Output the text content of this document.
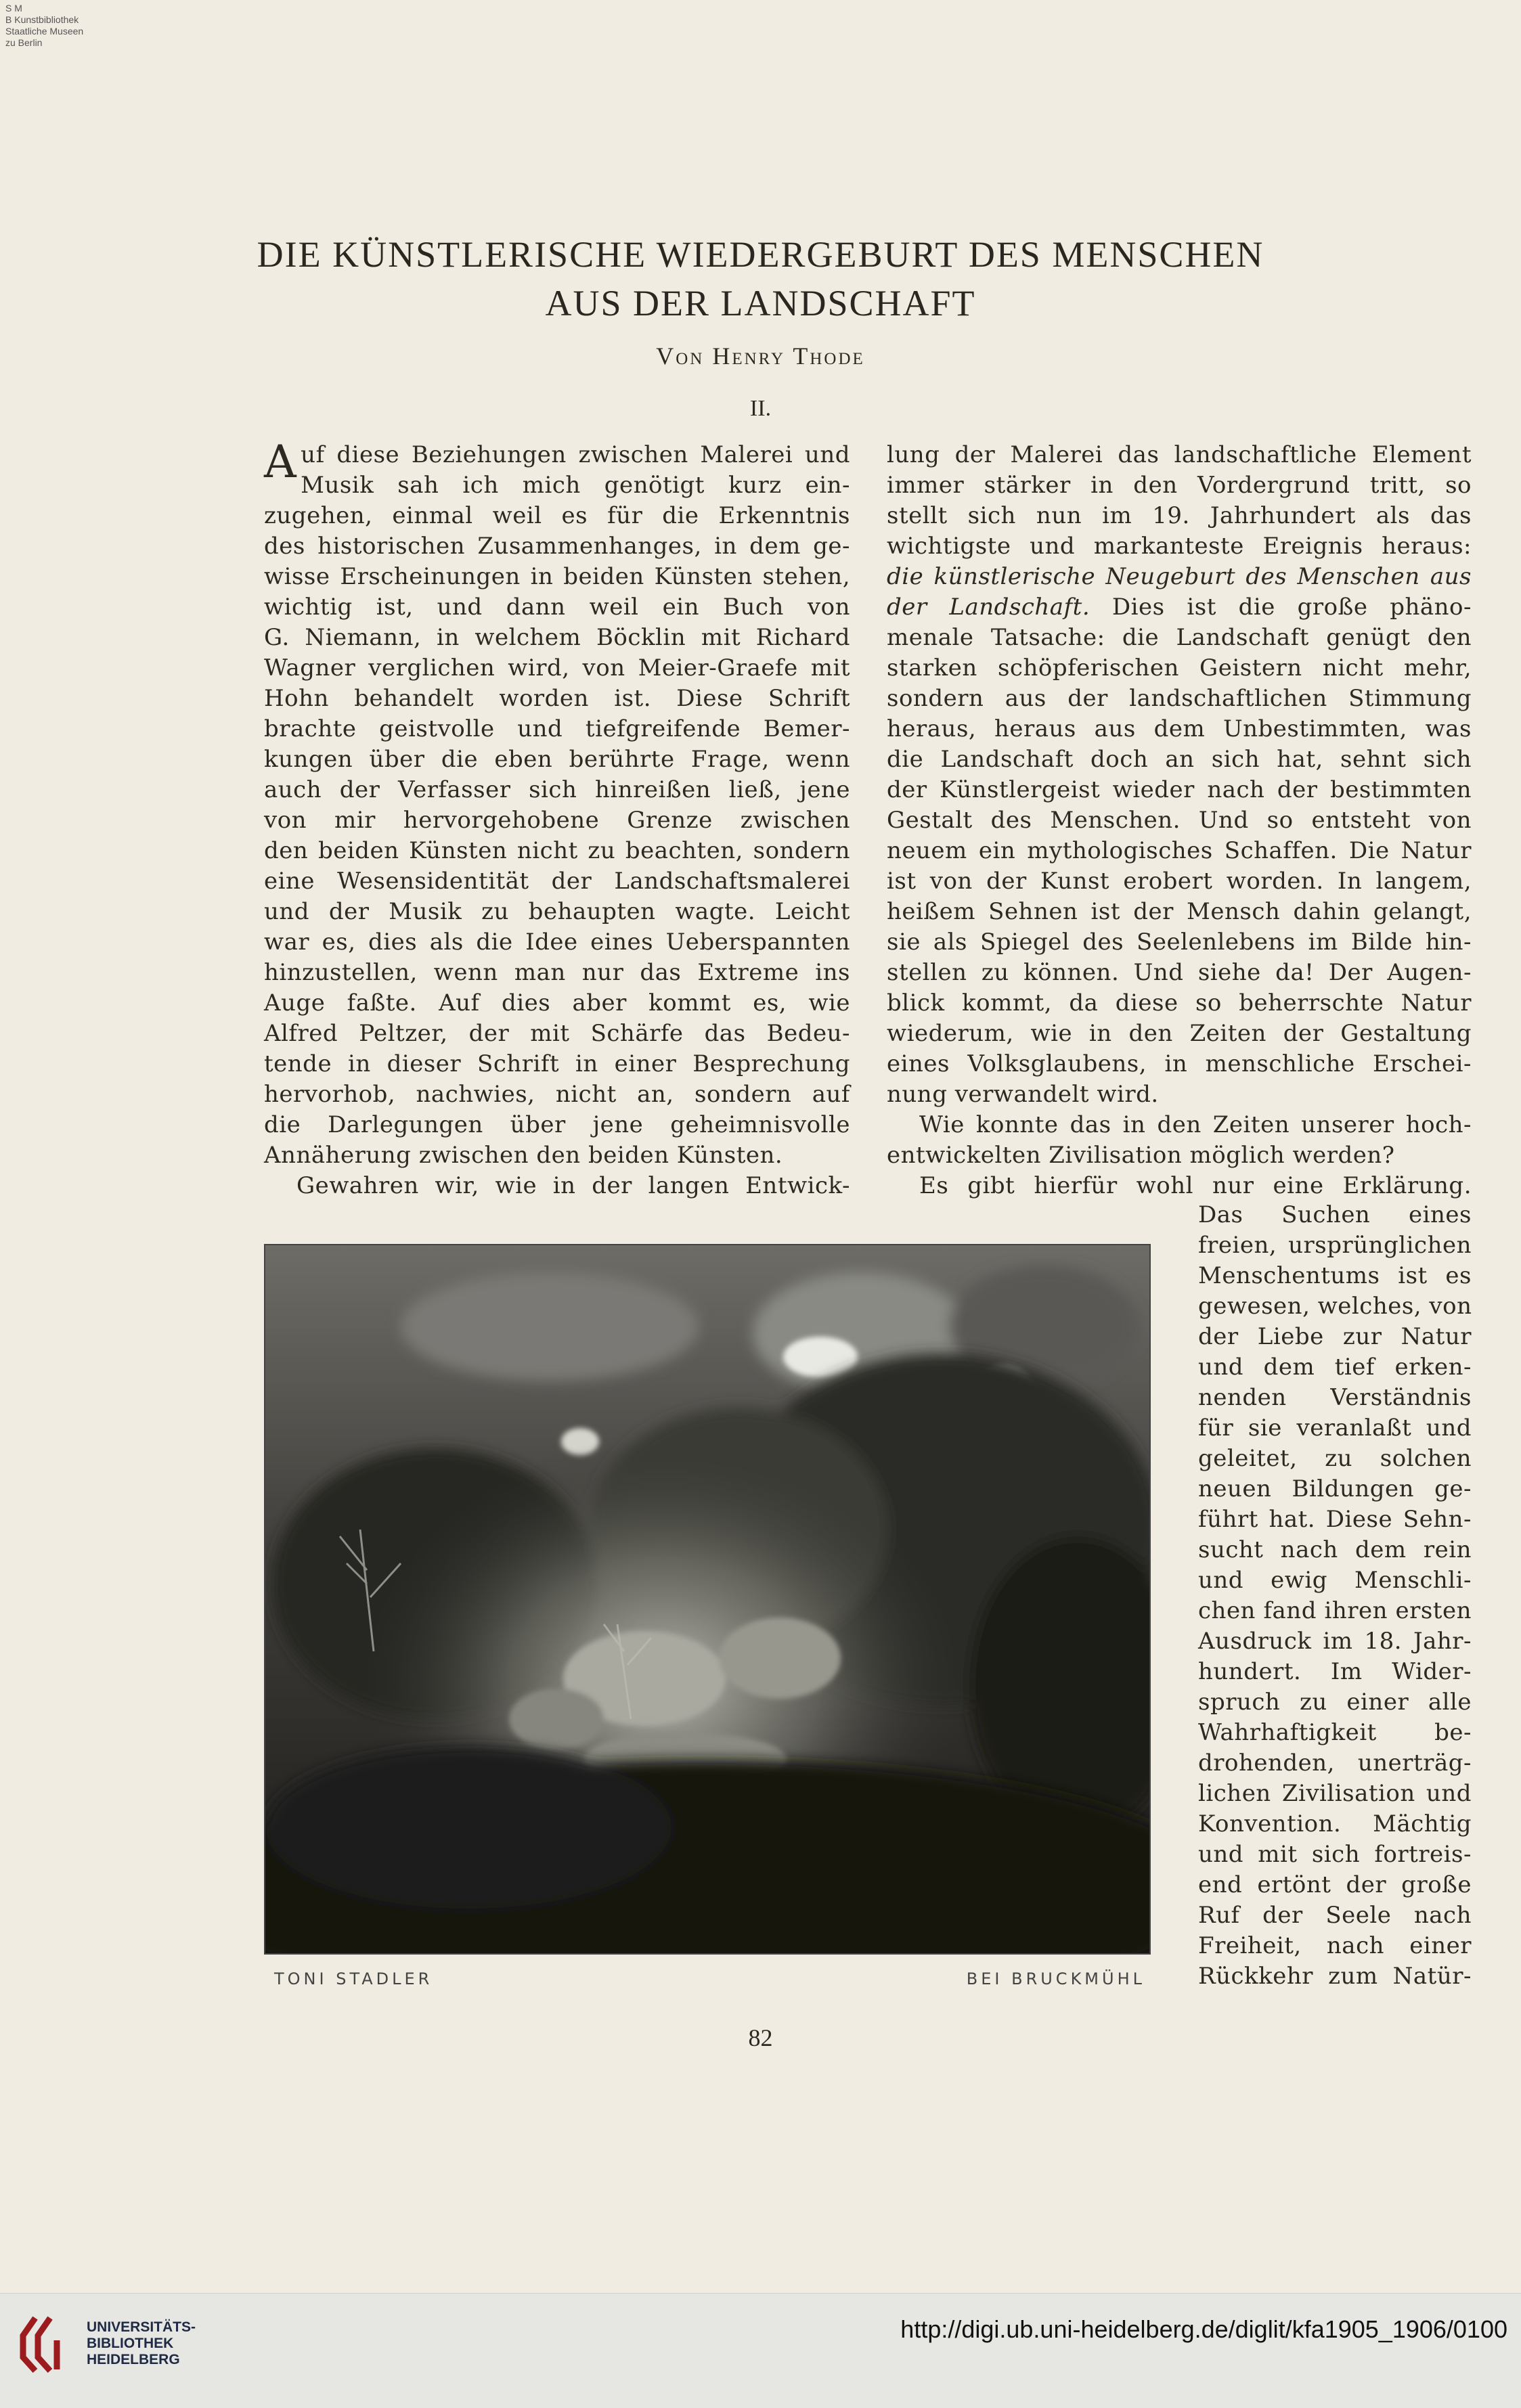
S M
B Kunstbibliothek
Staatliche Museen
zu Berlin
DIE KÜNSTLERISCHE WIEDERGEBURT DES MENSCHEN
AUS DER LANDSCHAFT
Von Henry Thode
II.
A uf diese Beziehungen zwischen Malerei und
Musik sah ich mich genötigt kurz ein-
zugehen, einmal weil es für die Erkenntnis
des historischen Zusammenhanges, in dem ge-
wisse Erscheinungen in beiden Künsten stehen,
wichtig ist, und dann weil ein Buch von
G. Niemann, in welchem Böcklin mit Richard
Wagner verglichen wird, von Meier-Graefe mit
Hohn behandelt worden ist. Diese Schrift
brachte geistvolle und tiefgreifende Bemer-
kungen über die eben berührte Frage, wenn
auch der Verfasser sich hinreißen ließ, jene
von mir hervorgehobene Grenze zwischen
den beiden Künsten nicht zu beachten, sondern
eine Wesensidentität der Landschaftsmalerei
und der Musik zu behaupten wagte. Leicht
war es, dies als die Idee eines Ueberspannten
hinzustellen, wenn man nur das Extreme ins
Auge faßte. Auf dies aber kommt es, wie
Alfred Peltzer, der mit Schärfe das Bedeu-
tende in dieser Schrift in einer Besprechung
hervorhob, nachwies, nicht an, sondern auf
die Darlegungen über jene geheimnisvolle
Annäherung zwischen den beiden Künsten.
Gewahren wir, wie in der langen Entwick-
lung der Malerei das landschaftliche Element
immer stärker in den Vordergrund tritt, so
stellt sich nun im 19. Jahrhundert als das
wichtigste und markanteste Ereignis heraus:
die künstlerische Neugeburt des Menschen aus
der Landschaft. Dies ist die große phäno-
menale Tatsache: die Landschaft genügt den
starken schöpferischen Geistern nicht mehr,
sondern aus der landschaftlichen Stimmung
heraus, heraus aus dem Unbestimmten, was
die Landschaft doch an sich hat, sehnt sich
der Künstlergeist wieder nach der bestimmten
Gestalt des Menschen. Und so entsteht von
neuem ein mythologisches Schaffen. Die Natur
ist von der Kunst erobert worden. In langem,
heißem Sehnen ist der Mensch dahin gelangt,
sie als Spiegel des Seelenlebens im Bilde hin-
stellen zu können. Und siehe da! Der Augen-
blick kommt, da diese so beherrschte Natur
wiederum, wie in den Zeiten der Gestaltung
eines Volksglaubens, in menschliche Erschei-
nung verwandelt wird.
Wie konnte das in den Zeiten unserer hoch-
entwickelten Zivilisation möglich werden?
Es gibt hierfür wohl nur eine Erklärung.
Das Suchen eines
freien, ursprünglichen
Menschentums ist es
gewesen, welches, von
der Liebe zur Natur
und dem tief erken-
nenden Verständnis
für sie veranlaßt und
geleitet, zu solchen
neuen Bildungen ge-
führt hat. Diese Sehn-
sucht nach dem rein
und ewig Menschli-
chen fand ihren ersten
Ausdruck im 18. Jahr-
hundert. Im Wider-
spruch zu einer alle
Wahrhaftigkeit be-
drohenden, unerträg-
lichen Zivilisation und
Konvention. Mächtig
und mit sich fortreis-
end ertönt der große
Ruf der Seele nach
Freiheit, nach einer
Rückkehr zum Natür-
TONI STADLER	BEI BRUCKMÜHL
82
UNIVERSITÄTS-
BIBLIOTHEK
HEIDELBERG
http://digi.ub.uni-heidelberg.de/diglit/kfa1905_1906/0100
